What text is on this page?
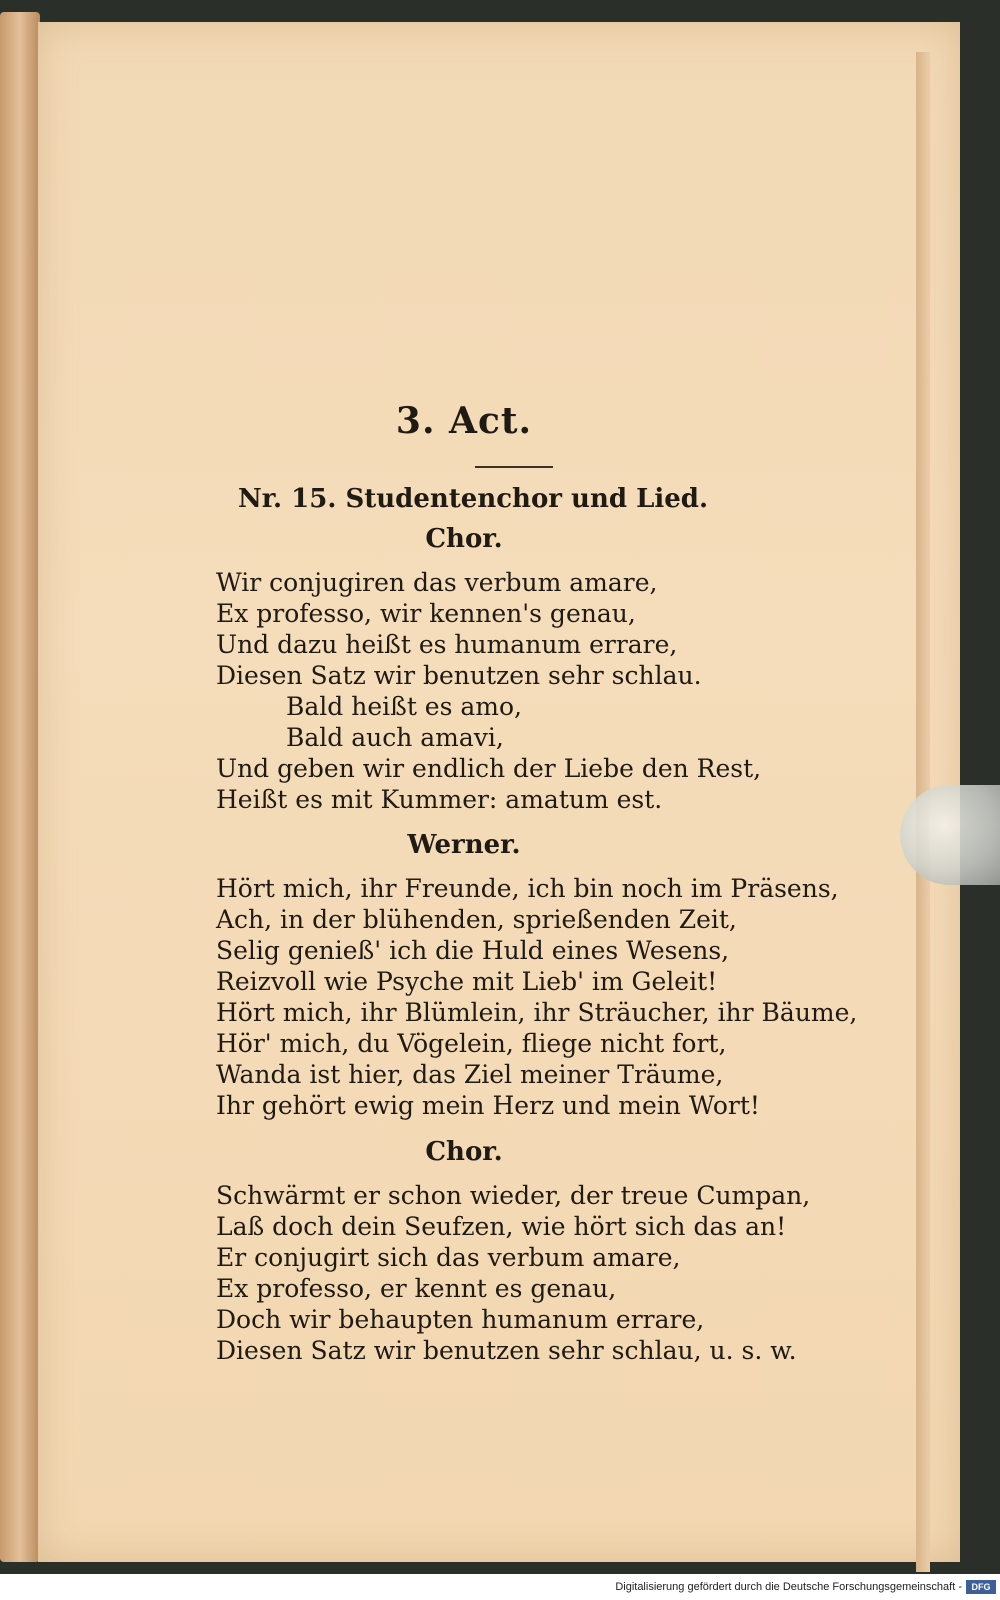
3. Act.
Nr. 15. Studentenchor und Lied.
Chor.
Wir conjugiren das verbum amare,
Ex professo, wir kennen's genau,
Und dazu heißt es humanum errare,
Diesen Satz wir benutzen sehr schlau.
Bald heißt es amo,
Bald auch amavi,
Und geben wir endlich der Liebe den Rest,
Heißt es mit Kummer: amatum est.
Werner.
Hört mich, ihr Freunde, ich bin noch im Präsens,
Ach, in der blühenden, sprießenden Zeit,
Selig genieß' ich die Huld eines Wesens,
Reizvoll wie Psyche mit Lieb' im Geleit!
Hört mich, ihr Blümlein, ihr Sträucher, ihr Bäume,
Hör' mich, du Vögelein, fliege nicht fort,
Wanda ist hier, das Ziel meiner Träume,
Ihr gehört ewig mein Herz und mein Wort!
Chor.
Schwärmt er schon wieder, der treue Cumpan,
Laß doch dein Seufzen, wie hört sich das an!
Er conjugirt sich das verbum amare,
Ex professo, er kennt es genau,
Doch wir behaupten humanum errare,
Diesen Satz wir benutzen sehr schlau, u. s. w.
Digitalisierung gefördert durch die Deutsche Forschungsgemeinschaft -	DFG
